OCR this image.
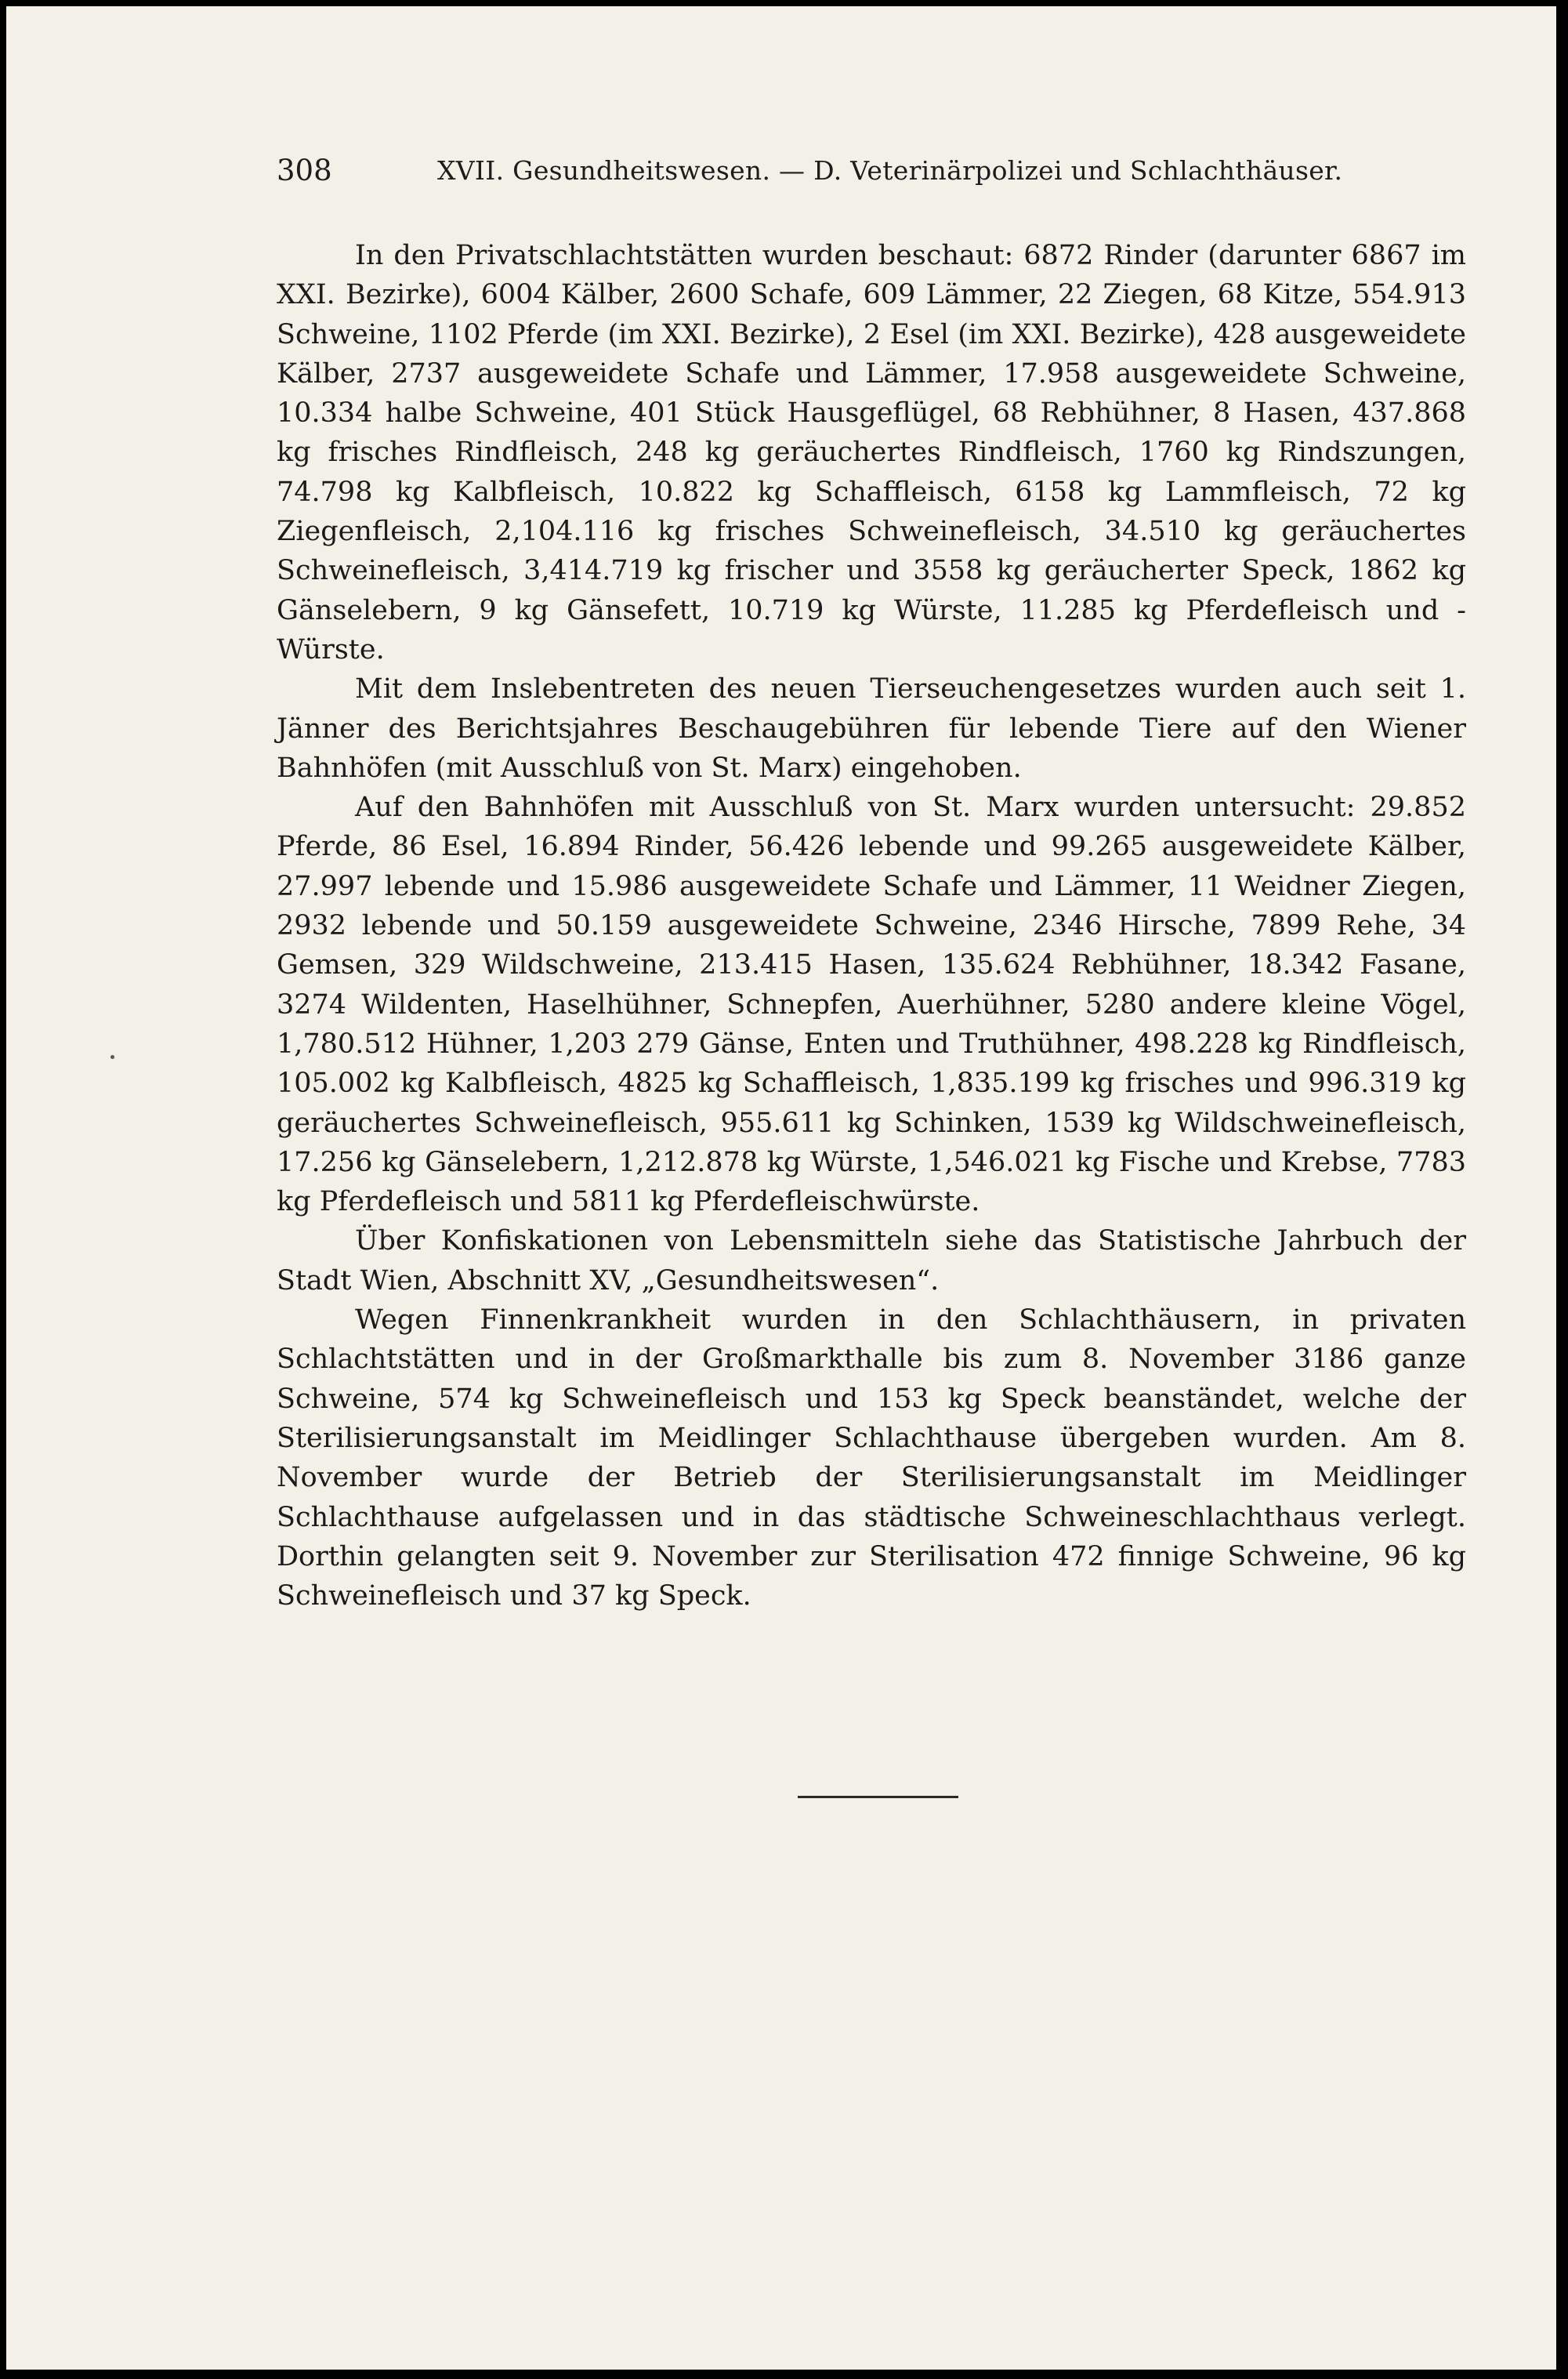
308	XVII. Gesundheitswesen. — D. Veterinärpolizei und Schlachthäuser.

In den Privatschlachtstätten wurden beschaut: 6872 Rinder (darunter 6867 im XXI. Bezirke), 6004 Kälber, 2600 Schafe, 609 Lämmer, 22 Ziegen, 68 Kitze, 554.913 Schweine, 1102 Pferde (im XXI. Bezirke), 2 Esel (im XXI. Bezirke), 428 ausgeweidete Kälber, 2737 ausgeweidete Schafe und Lämmer, 17.958 ausgeweidete Schweine, 10.334 halbe Schweine, 401 Stück Hausgeflügel, 68 Rebhühner, 8 Hasen, 437.868 kg frisches Rindfleisch, 248 kg geräuchertes Rindfleisch, 1760 kg Rindszungen, 74.798 kg Kalbfleisch, 10.822 kg Schaffleisch, 6158 kg Lammfleisch, 72 kg Ziegenfleisch, 2,104.116 kg frisches Schweinefleisch, 34.510 kg geräuchertes Schweinefleisch, 3,414.719 kg frischer und 3558 kg geräucherter Speck, 1862 kg Gänselebern, 9 kg Gänsefett, 10.719 kg Würste, 11.285 kg Pferdefleisch und -Würste.

Mit dem Inslebentreten des neuen Tierseuchengesetzes wurden auch seit 1. Jänner des Berichtsjahres Beschaugebühren für lebende Tiere auf den Wiener Bahnhöfen (mit Ausschluß von St. Marx) eingehoben.

Auf den Bahnhöfen mit Ausschluß von St. Marx wurden untersucht: 29.852 Pferde, 86 Esel, 16.894 Rinder, 56.426 lebende und 99.265 ausgeweidete Kälber, 27.997 lebende und 15.986 ausgeweidete Schafe und Lämmer, 11 Weidner Ziegen, 2932 lebende und 50.159 ausgeweidete Schweine, 2346 Hirsche, 7899 Rehe, 34 Gemsen, 329 Wildschweine, 213.415 Hasen, 135.624 Rebhühner, 18.342 Fasane, 3274 Wildenten, Haselhühner, Schnepfen, Auerhühner, 5280 andere kleine Vögel, 1,780.512 Hühner, 1,203 279 Gänse, Enten und Truthühner, 498.228 kg Rindfleisch, 105.002 kg Kalbfleisch, 4825 kg Schaffleisch, 1,835.199 kg frisches und 996.319 kg geräuchertes Schweinefleisch, 955.611 kg Schinken, 1539 kg Wildschweinefleisch, 17.256 kg Gänselebern, 1,212.878 kg Würste, 1,546.021 kg Fische und Krebse, 7783 kg Pferdefleisch und 5811 kg Pferdefleischwürste.

Über Konfiskationen von Lebensmitteln siehe das Statistische Jahrbuch der Stadt Wien, Abschnitt XV, „Gesundheitswesen“.

Wegen Finnenkrankheit wurden in den Schlachthäusern, in privaten Schlachtstätten und in der Großmarkthalle bis zum 8. November 3186 ganze Schweine, 574 kg Schweinefleisch und 153 kg Speck beanständet, welche der Sterilisierungsanstalt im Meidlinger Schlachthause übergeben wurden. Am 8. November wurde der Betrieb der Sterilisierungsanstalt im Meidlinger Schlachthause aufgelassen und in das städtische Schweineschlachthaus verlegt. Dorthin gelangten seit 9. November zur Sterilisation 472 finnige Schweine, 96 kg Schweinefleisch und 37 kg Speck.
